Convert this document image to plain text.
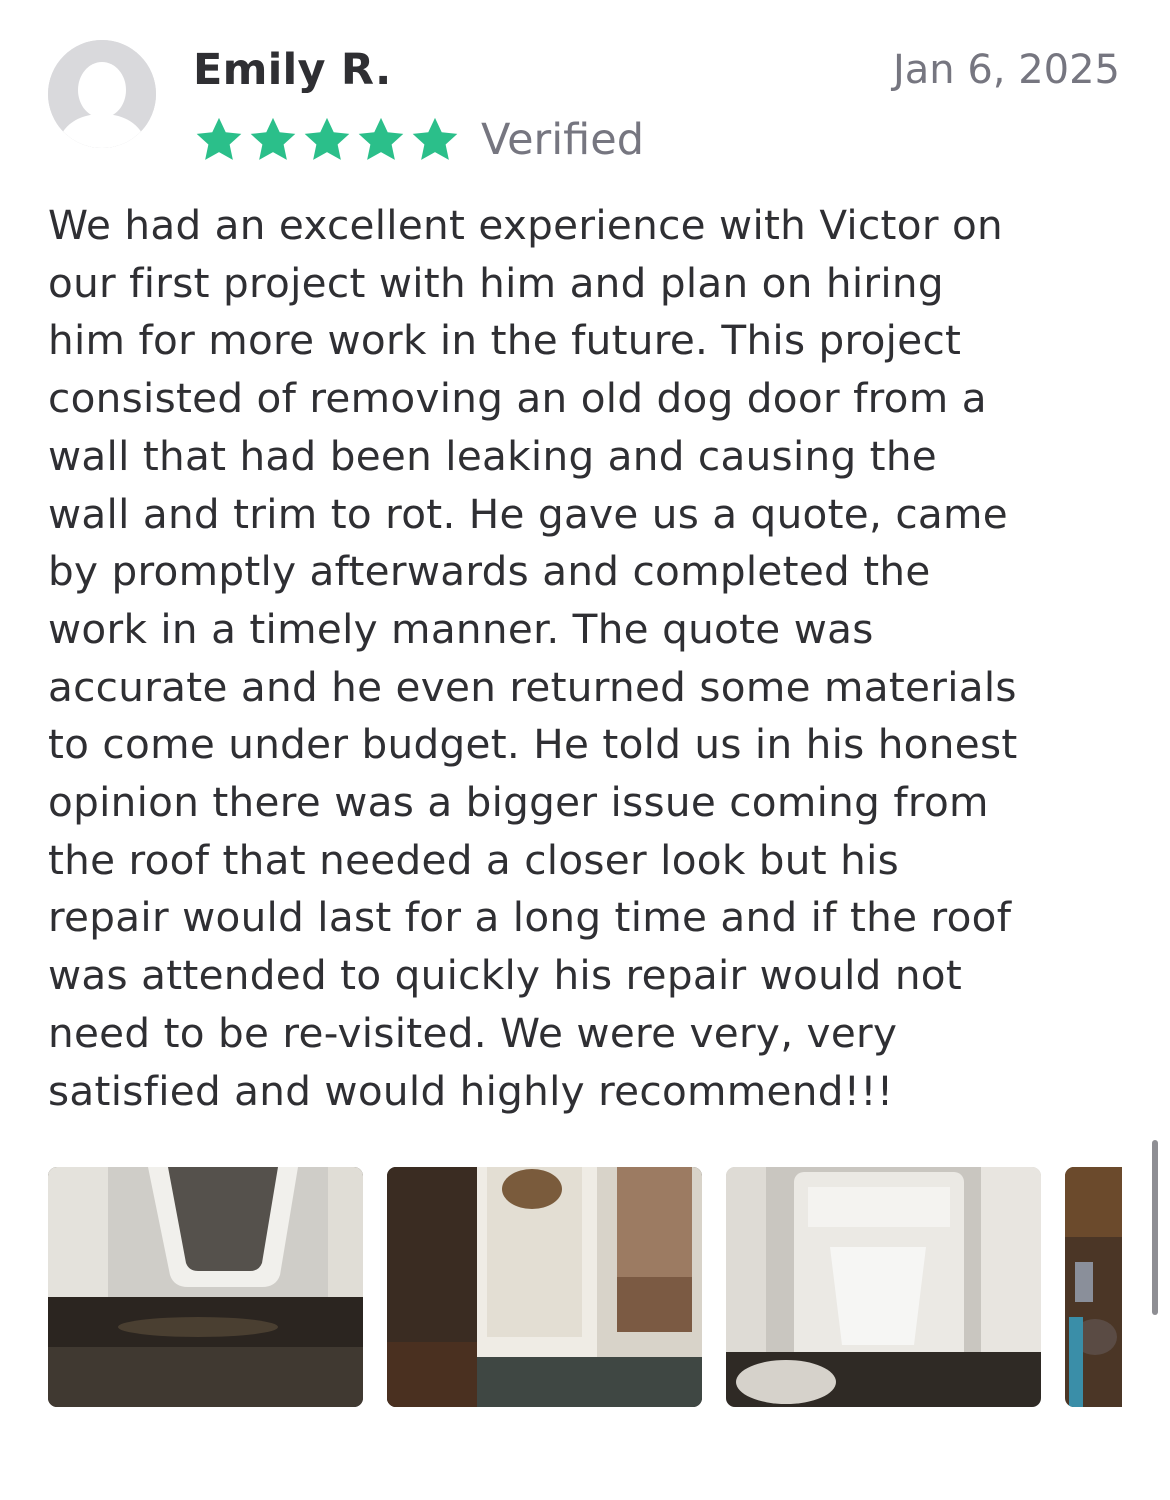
Emily R.	Jan 6, 2025
Verified
We had an excellent experience with Victor on
our first project with him and plan on hiring
him for more work in the future. This project
consisted of removing an old dog door from a
wall that had been leaking and causing the
wall and trim to rot. He gave us a quote, came
by promptly afterwards and completed the
work in a timely manner. The quote was
accurate and he even returned some materials
to come under budget. He told us in his honest
opinion there was a bigger issue coming from
the roof that needed a closer look but his
repair would last for a long time and if the roof
was attended to quickly his repair would not
need to be re-visited. We were very, very
satisfied and would highly recommend!!!
